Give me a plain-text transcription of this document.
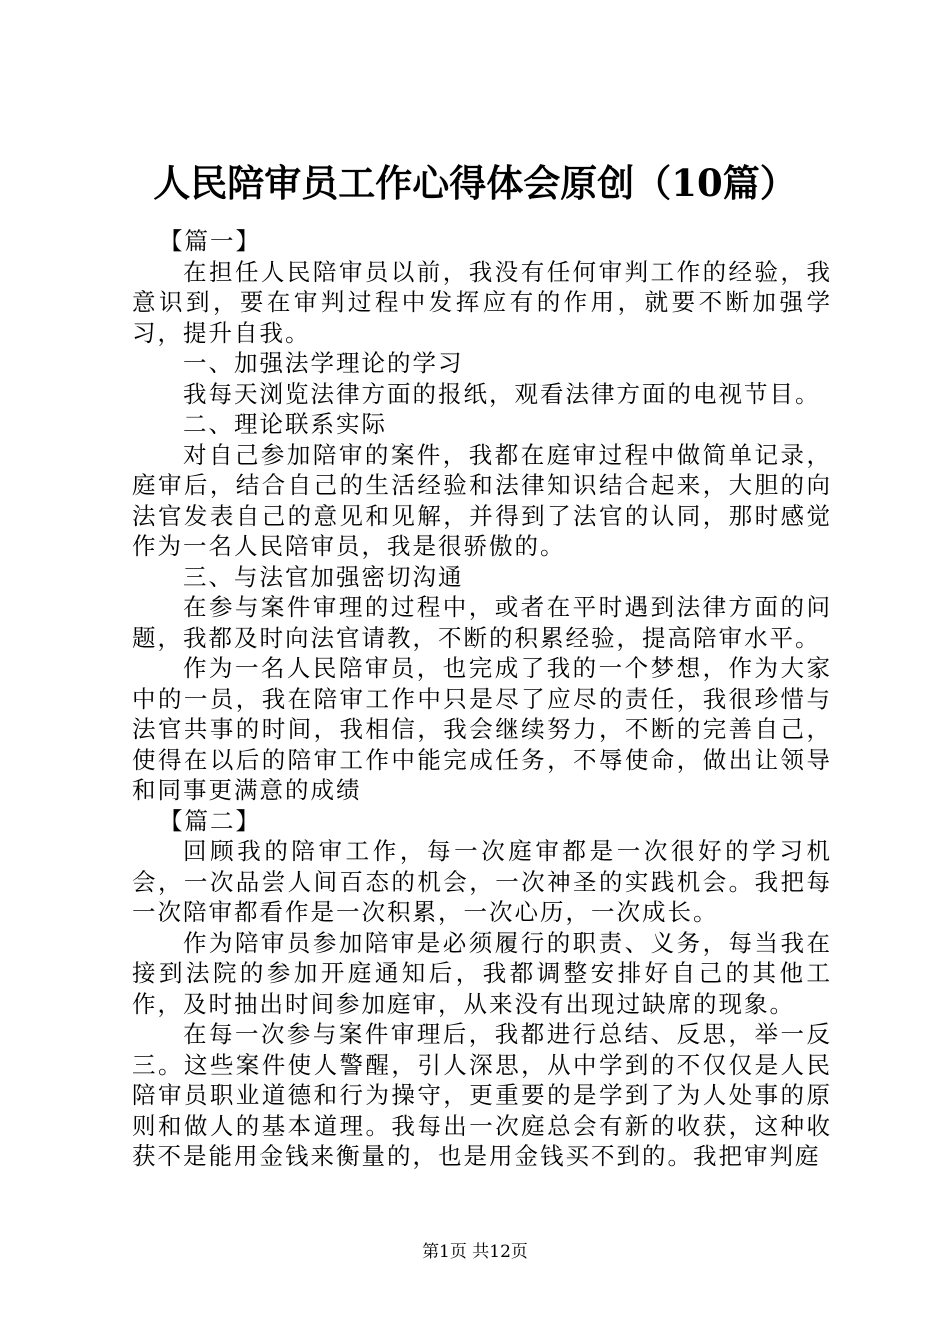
人民陪审员工作心得体会原创（10篇）

【篇一】

在担任人民陪审员以前，我没有任何审判工作的经验，我意识到，要在审判过程中发挥应有的作用，就要不断加强学习，提升自我。

一、加强法学理论的学习

我每天浏览法律方面的报纸，观看法律方面的电视节目。

二、理论联系实际

对自己参加陪审的案件，我都在庭审过程中做简单记录，庭审后，结合自己的生活经验和法律知识结合起来，大胆的向法官发表自己的意见和见解，并得到了法官的认同，那时感觉作为一名人民陪审员，我是很骄傲的。

三、与法官加强密切沟通

在参与案件审理的过程中，或者在平时遇到法律方面的问题，我都及时向法官请教，不断的积累经验，提高陪审水平。

作为一名人民陪审员，也完成了我的一个梦想，作为大家中的一员，我在陪审工作中只是尽了应尽的责任，我很珍惜与法官共事的时间，我相信，我会继续努力，不断的完善自己，使得在以后的陪审工作中能完成任务，不辱使命，做出让领导和同事更满意的成绩

【篇二】

回顾我的陪审工作，每一次庭审都是一次很好的学习机会，一次品尝人间百态的机会，一次神圣的实践机会。我把每一次陪审都看作是一次积累，一次心历，一次成长。

作为陪审员参加陪审是必须履行的职责、义务，每当我在接到法院的参加开庭通知后，我都调整安排好自己的其他工作，及时抽出时间参加庭审，从来没有出现过缺席的现象。

在每一次参与案件审理后，我都进行总结、反思，举一反三。这些案件使人警醒，引人深思，从中学到的不仅仅是人民陪审员职业道德和行为操守，更重要的是学到了为人处事的原则和做人的基本道理。我每出一次庭总会有新的收获，这种收获不是能用金钱来衡量的，也是用金钱买不到的。我把审判庭

第1页 共12页
